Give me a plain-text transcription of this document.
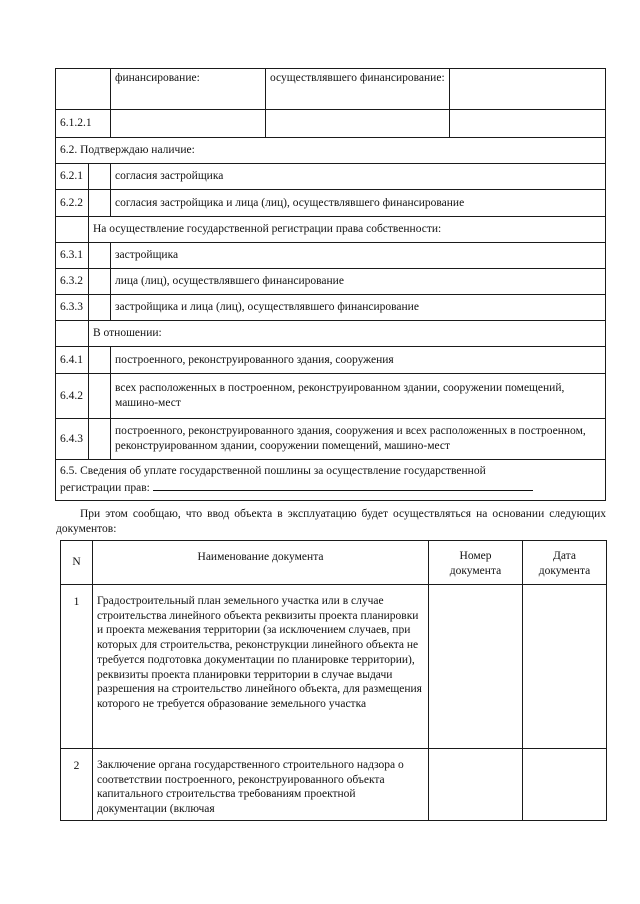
		финансирование:	осуществлявшего финансирование:	
6.1.2.1				
6.2. Подтверждаю наличие:				
6.2.1		согласия застройщика		
6.2.2		согласия застройщика и лица (лиц), осуществлявшего финансирование		
	На осуществление государственной регистрации права собственности:			
6.3.1		застройщика		
6.3.2		лица (лиц), осуществлявшего финансирование		
6.3.3		застройщика и лица (лиц), осуществлявшего финансирование		
	В отношении:			
6.4.1		построенного, реконструированного здания, сооружения		
6.4.2		всех расположенных в построенном, реконструированном здании, сооружении помещений, машино-мест		
6.4.3		построенного, реконструированного здания, сооружения и всех расположенных в построенном, реконструированном здании, сооружении помещений, машино-мест		

6.5. Сведения об уплате государственной пошлины за осуществление государственной
регистрации прав:				
При этом сообщаю, что ввод объекта в эксплуатацию будет осуществляться на основании следующих документов:
N	Наименование документа	Номер документа	Дата документа
1	Градостроительный план земельного участка или в случае строительства линейного объекта реквизиты проекта планировки и проекта межевания территории (за исключением случаев, при которых для строительства, реконструкции линейного объекта не требуется подготовка документации по планировке территории), реквизиты проекта планировки территории в случае выдачи разрешения на строительство линейного объекта, для размещения которого не требуется образование земельного участка		
2	Заключение органа государственного строительного надзора о соответствии построенного, реконструированного объекта капитального строительства требованиям проектной документации (включая		
